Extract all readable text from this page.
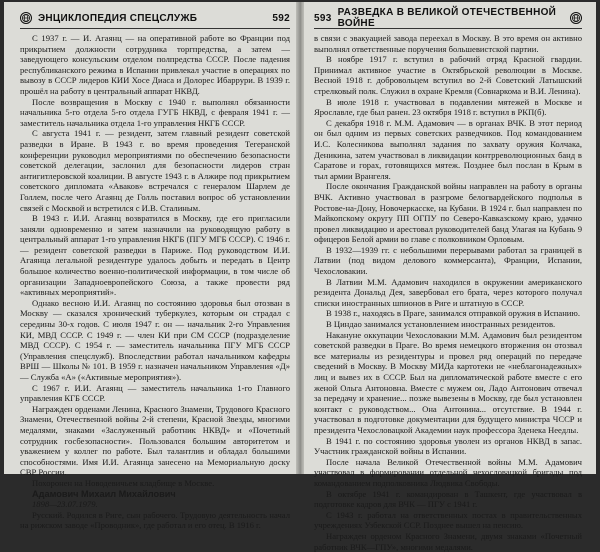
ЭНЦИКЛОПЕДИЯ СПЕЦСЛУЖБ	592

С 1937 г. — И. Агаянц — на оперативной работе во Франции под прикрытием должности сотрудника торгпредства, а затем — заведующего консульским отделом полпредства СССР. После падения республиканского режима в Испании привлекал участие в операциях по вывозу в СССР лидеров КИИ Хосе Диаса и Долорес Ибаррури. В 1939 г. прошёл на работу в центральный аппарат НКВД.

После возвращения в Москву с 1940 г. выполнял обязанности начальника 5-го отдела 5-го отдела ГУГБ НКВД, с февраля 1941 г. — заместитель начальника отдела 1-го управления НКГБ СССР.

С августа 1941 г. — резидент, затем главный резидент советской разведки в Иране. В 1943 г. во время проведения Тегеранской конференции руководил мероприятиями по обеспечению безопасности советской делегации, заслонил для безопасности лидеров стран антигитлеровской коалиции. В августе 1943 г. в Алжире под прикрытием советского дипломата «Аваков» встречался с генералом Шарлем де Голлем, после чего Агаянц де Голль поставил вопрос об установлении связей с Москвой и встретился с И.В. Сталиным.

В 1943 г. И.И. Агаянц возвратился в Москву, где его пригласили заняли одновременно и затем назначили на руководящую работу в центральный аппарат 1-го управления НКГБ (ПГУ МГБ СССР). С 1946 г. — резидент советской разведки в Париже. Под руководством И.И. Агаянца легальной резидентуре удалось добыть и передать в Центр большое количество военно-политической информации, в том числе об организации Западноевропейского Союза, а также провести ряд «активных мероприятий».

Однако весною И.И. Агаянц по состоянию здоровья был отозван в Москву — сказался хронический туберкулез, которым он страдал с середины 30-х годов. С июля 1947 г. он — начальник 2-го Управления КИ, МВД СССР. С 1949 г. — член КИ при СМ СССР (подразделение МВД СССР). С 1954 г. — заместитель начальника ПГУ МГБ СССР (Управления спецслужб). Впоследствии работал начальником кафедры ВРШ — Школы № 101. В 1959 г. назначен начальником Управления «Д» — Служба «А» («Активные мероприятия»).

С 1967 г. И.И. Агаянц — заместитель начальника 1-го Главного управления КГБ СССР.

Награжден орденами Ленина, Красного Знамени, Трудового Красного Знамени, Отечественной войны 2-й степени, Красной Звезды, многими медалями, знаками «Заслуженный работник НКВД» и «Почетный сотрудник госбезопасности». Пользовался большим авторитетом и уважением у коллег по работе. Был талантлив и обладал большими способностями. Имя И.И. Агаянца занесено на Мемориальную доску СВР России.

Похоронен на Новодевичьем кладбище в Москве.

Адамович Михаил Михайлович

1898—23.07.1979.

Русский. Родился в Риге, сын рабочего. Трудовую деятельность начал на рижском заводе «Проводник», где работал и его отец. В 1916 г.

593 РАЗВЕДКА В ВЕЛИКОЙ ОТЕЧЕСТВЕННОЙ ВОЙНЕ

в связи с эвакуацией завода переехал в Москву. В это время он активно выполнял ответственные поручения большевистской партии.

В ноябре 1917 г. вступил в рабочий отряд Красной гвардии. Принимал активное участие в Октябрьской революции в Москве. Весной 1918 г. добровольцем вступил во 2-й Советский Латышский стрелковый полк. Служил в охране Кремля (Совнаркома и В.И. Ленина).

В июле 1918 г. участвовал в подавлении мятежей в Москве и Ярославле, где был ранен. 23 октября 1918 г. вступил в РКП(б).

С декабря 1918 г. М.М. Адамович — в органах ВЧК. В этот период он был одним из первых советских разведчиков. Под командованием И.С. Колесникова выполнял задания по захвату оружия Колчака, Деникина, затем участвовал в ликвидации контрреволюционных банд в Саратове и горах, готовящихся мятеж. Позднее был послан в Крым в тыл армии Врангеля.

После окончания Гражданской войны направлен на работу в органы ВЧК. Активно участвовал в разгроме белогвардейского подполья в Ростове-на-Дону, Новочеркасске, на Кубани. В 1924 г. был направлен по Майкопскому округу ПП ОГПУ по Северо-Кавказскому краю, удачно провел ликвидацию и арестовал руководителей банд Улагая на Кубань 9 офицеров Белой армии во главе с полковником Орловым.

В 1932—1939 гг. с небольшими перерывами работал за границей в Латвии (под видом делового коммерсанта), Франции, Испании, Чехословакии.

В Латвии М.М. Адамович находился в окружении американского резидента Дональд Дея, завербовал его брата, через которого получал списки иностранных шпионов в Риге и штатную в СССР.

В 1938 г., находясь в Праге, занимался отправкой оружия в Испанию.

В Циндао занимался установлением иностранных резидентов.

Накануне оккупации Чехословакии М.М. Адамович был резидентом советской разведки в Праге. Во время немецкого вторжения он отозвал все материалы из резидентуры и провел ряд операций по передаче сведений в Москву. В Москву МИДа картотеки не «неблагонадежных» лиц и вывез их в СССР. Был на дипломатической работе вместе с его женой Ольга Антоновна. Вместе с мужем он, Ладо Антонович отвечал за передачу и хранение... позже вывезены в Москву, где был установлен контакт с руководством... Она Антонина... отсутствие. В 1944 г. участвовал в подготовке документации для будущего министра ЧССР и президента Чехословацкой Академии наук профессора Зденека Неедлы.

В 1941 г. по состоянию здоровья уволен из органов НКВД в запас. Участник гражданской войны в Испании.

После начала Великой Отечественной войны М.М. Адамович участвовал в формировании отдельной чехословацкой бригады под командованием подполковника Людвика Свободы.

В октябре 1941 г. командирован в Ташкент, где участвовал в подготовке кадров для ВЧК — ПГУ с 1941 г.

С 1943 г. работал на ответственных постах в правительственных учреждениях Узбекской ССР. Позднее вышел на пенсию.

Награжден орденом Красного Знамени, двумя знаками «Почетный работник ВЧК—ГПУ», многими медалями.
